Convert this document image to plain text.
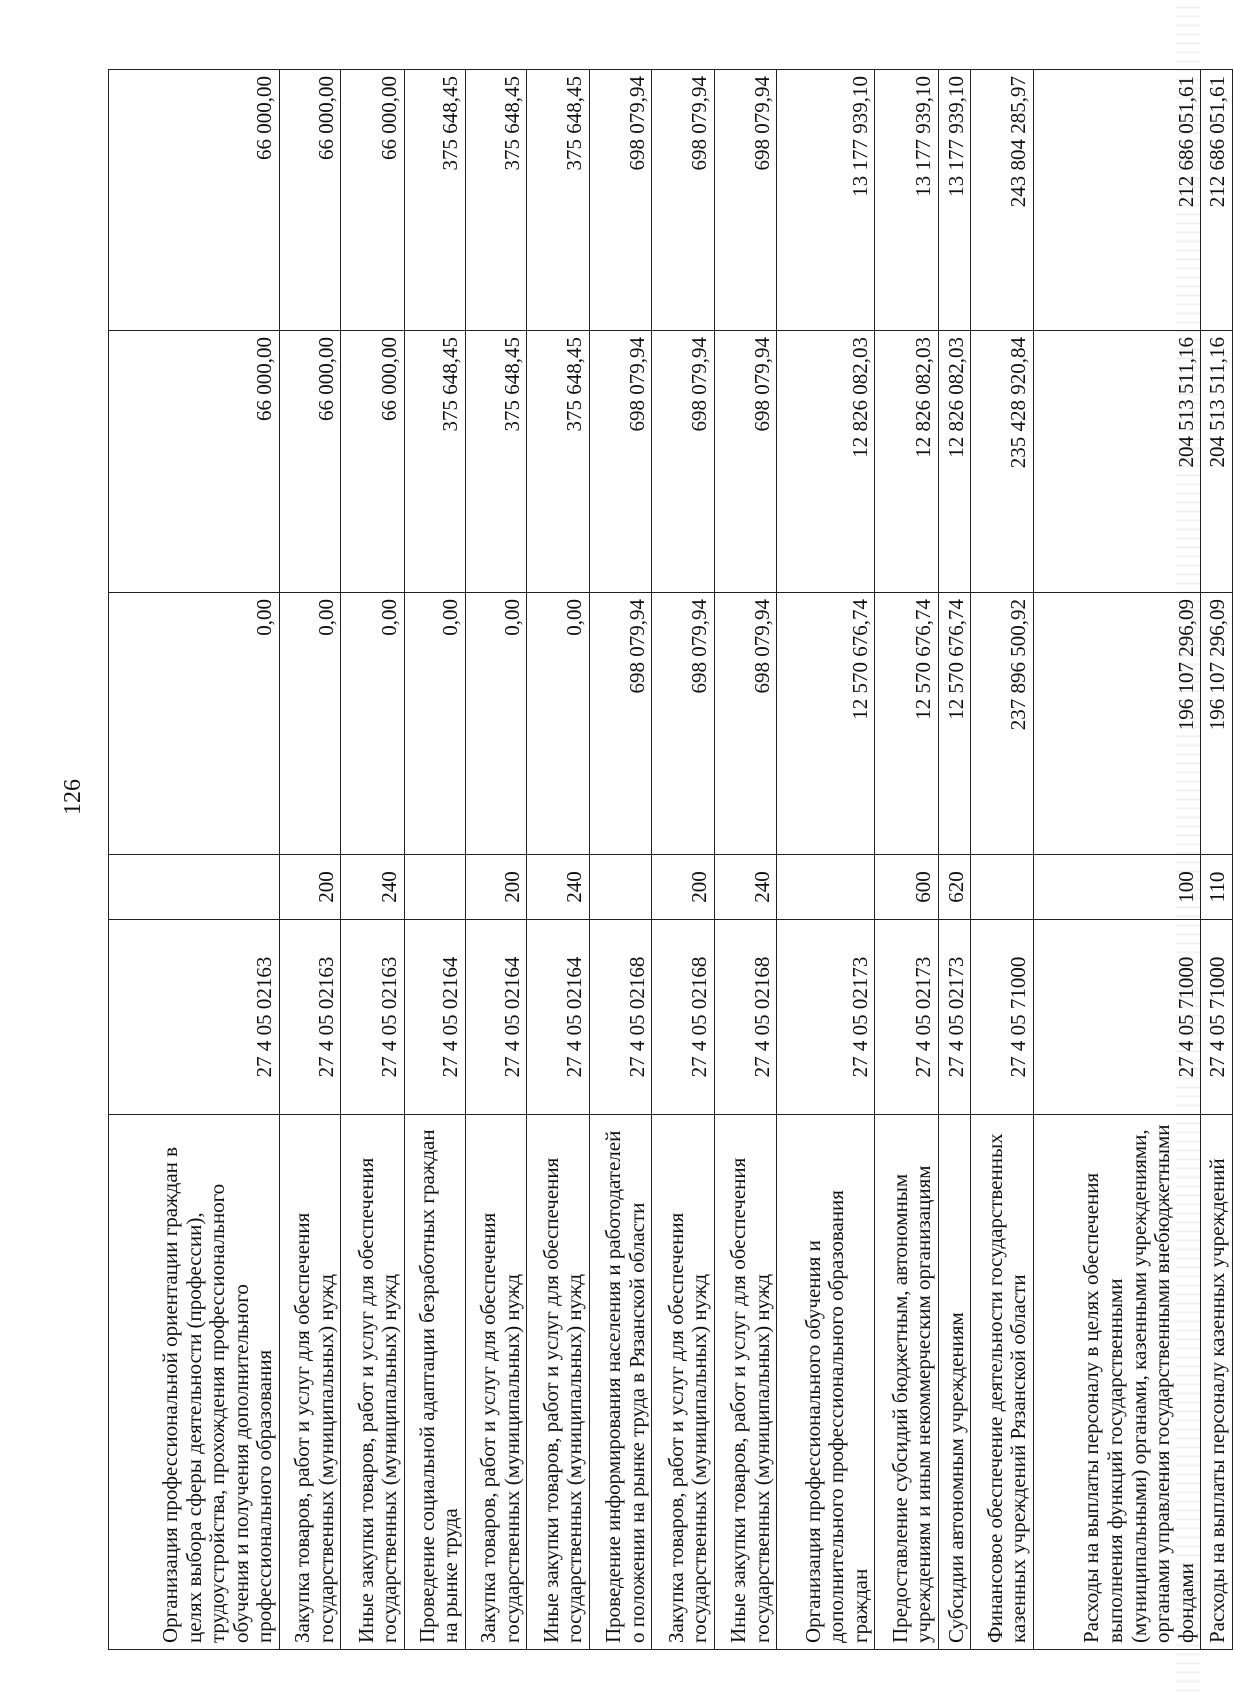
126
Организация профессиональной ориентации граждан в целях выбора сферы деятельности (профессии), трудоустройства, прохождения профессионального обучения и получения дополнительного профессионального образования	27 4 05 02163		0,00	66 000,00	66 000,00
Закупка товаров, работ и услуг для обеспечения государственных (муниципальных) нужд	27 4 05 02163	200	0,00	66 000,00	66 000,00
Иные закупки товаров, работ и услуг для обеспечения государственных (муниципальных) нужд	27 4 05 02163	240	0,00	66 000,00	66 000,00
Проведение социальной адаптации безработных граждан на рынке труда	27 4 05 02164		0,00	375 648,45	375 648,45
Закупка товаров, работ и услуг для обеспечения государственных (муниципальных) нужд	27 4 05 02164	200	0,00	375 648,45	375 648,45
Иные закупки товаров, работ и услуг для обеспечения государственных (муниципальных) нужд	27 4 05 02164	240	0,00	375 648,45	375 648,45
Проведение информирования населения и работодателей о положении на рынке труда в Рязанской области	27 4 05 02168		698 079,94	698 079,94	698 079,94
Закупка товаров, работ и услуг для обеспечения государственных (муниципальных) нужд	27 4 05 02168	200	698 079,94	698 079,94	698 079,94
Иные закупки товаров, работ и услуг для обеспечения государственных (муниципальных) нужд	27 4 05 02168	240	698 079,94	698 079,94	698 079,94
Организация профессионального обучения и дополнительного профессионального образования граждан	27 4 05 02173		12 570 676,74	12 826 082,03	13 177 939,10
Предоставление субсидий бюджетным, автономным учреждениям и иным некоммерческим организациям	27 4 05 02173	600	12 570 676,74	12 826 082,03	13 177 939,10
Субсидии автономным учреждениям	27 4 05 02173	620	12 570 676,74	12 826 082,03	13 177 939,10
Финансовое обеспечение деятельности государственных казенных учреждений Рязанской области	27 4 05 71000		237 896 500,92	235 428 920,84	243 804 285,97
Расходы на выплаты персоналу в целях обеспечения выполнения функций государственными (муниципальными) органами, казенными учреждениями, органами управления государственными внебюджетными фондами	27 4 05 71000	100	196 107 296,09	204 513 511,16	212 686 051,61
Расходы на выплаты персоналу казенных учреждений	27 4 05 71000	110	196 107 296,09	204 513 511,16	212 686 051,61
